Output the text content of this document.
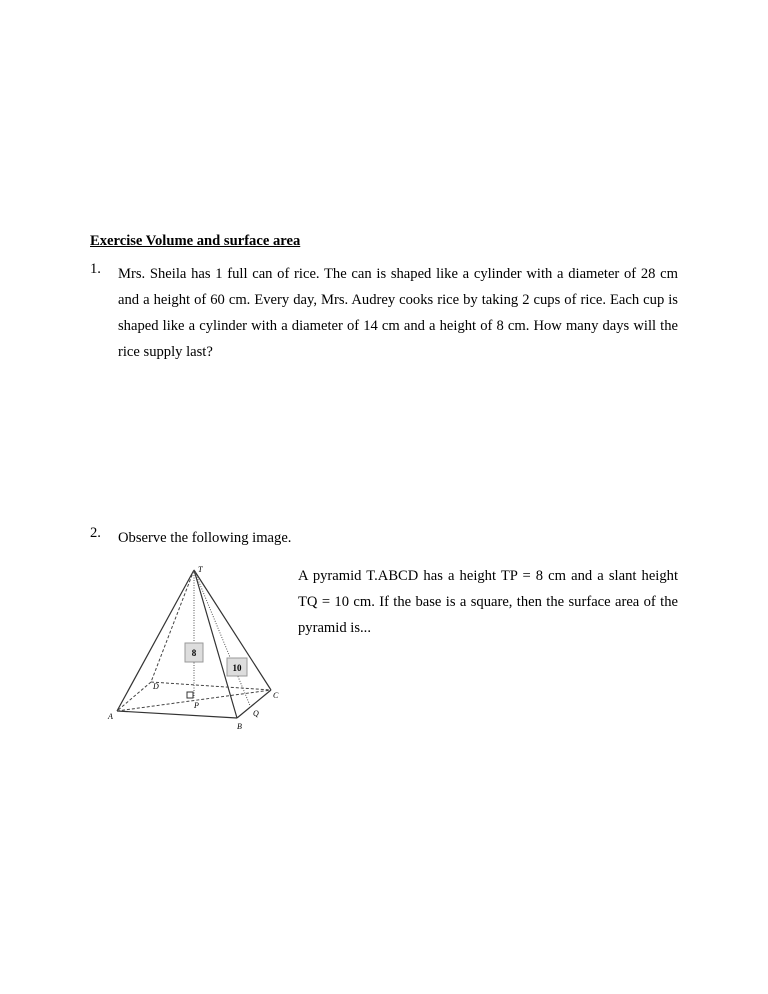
Exercise Volume and surface area
1. Mrs. Sheila has 1 full can of rice. The can is shaped like a cylinder with a diameter of 28 cm and a height of 60 cm. Every day, Mrs. Audrey cooks rice by taking 2 cups of rice. Each cup is shaped like a cylinder with a diameter of 14 cm and a height of 8 cm. How many days will the rice supply last?
2. Observe the following image.
8
10
T
A
B
C
D
P
Q
A pyramid T.ABCD has a height TP = 8 cm and a slant height TQ = 10 cm. If the base is a square, then the surface area of the pyramid is...
